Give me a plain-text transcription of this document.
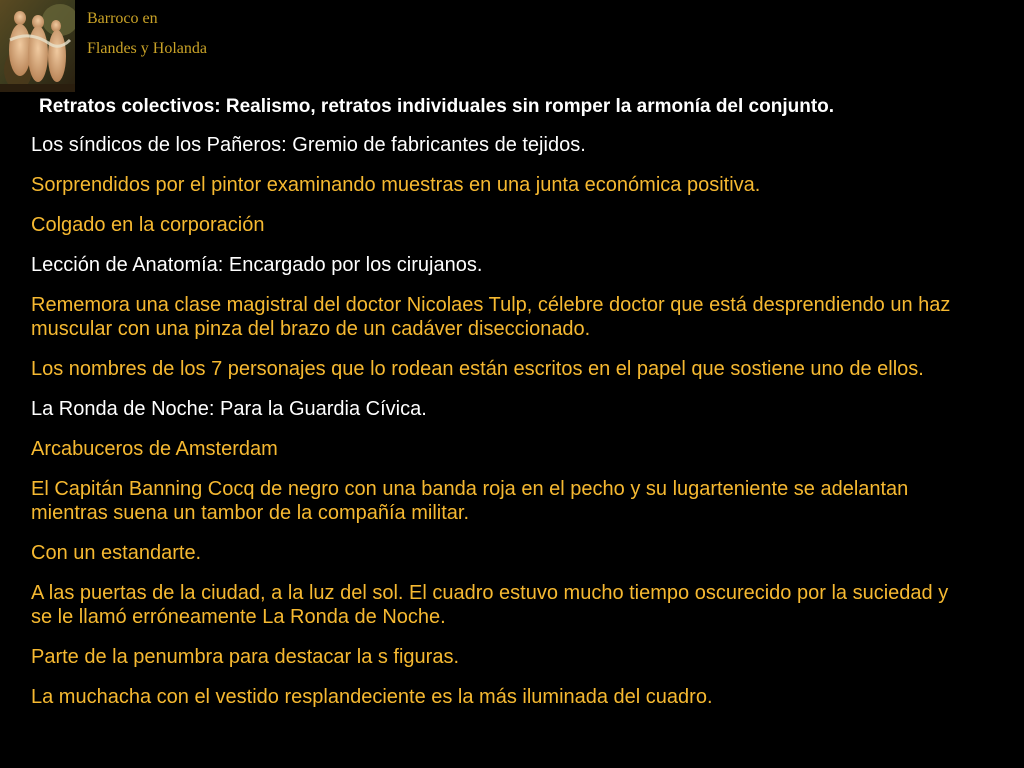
Barroco en
Flandes y Holanda
Retratos colectivos: Realismo, retratos individuales sin romper la armonía del conjunto.
Los síndicos de los Pañeros: Gremio de fabricantes de tejidos.
Sorprendidos por el pintor examinando muestras en una junta económica positiva.
Colgado en la corporación
Lección de Anatomía: Encargado por los cirujanos.
Rememora una clase magistral del doctor Nicolaes Tulp, célebre doctor que está desprendiendo un haz muscular con una pinza del brazo de un cadáver diseccionado.
Los nombres de los 7 personajes que lo rodean están escritos en el papel que sostiene uno de ellos.
La Ronda de Noche: Para la Guardia Cívica.
Arcabuceros de Amsterdam
El Capitán Banning Cocq de negro con una banda roja en el pecho y su lugarteniente se adelantan mientras suena un tambor de la compañía militar.
Con un estandarte.
A las puertas de la ciudad, a la luz del sol. El cuadro estuvo mucho tiempo oscurecido por la suciedad y se le llamó erróneamente La Ronda de Noche.
Parte de la penumbra para destacar la s figuras.
La muchacha con el vestido resplandeciente es la más iluminada del cuadro.
